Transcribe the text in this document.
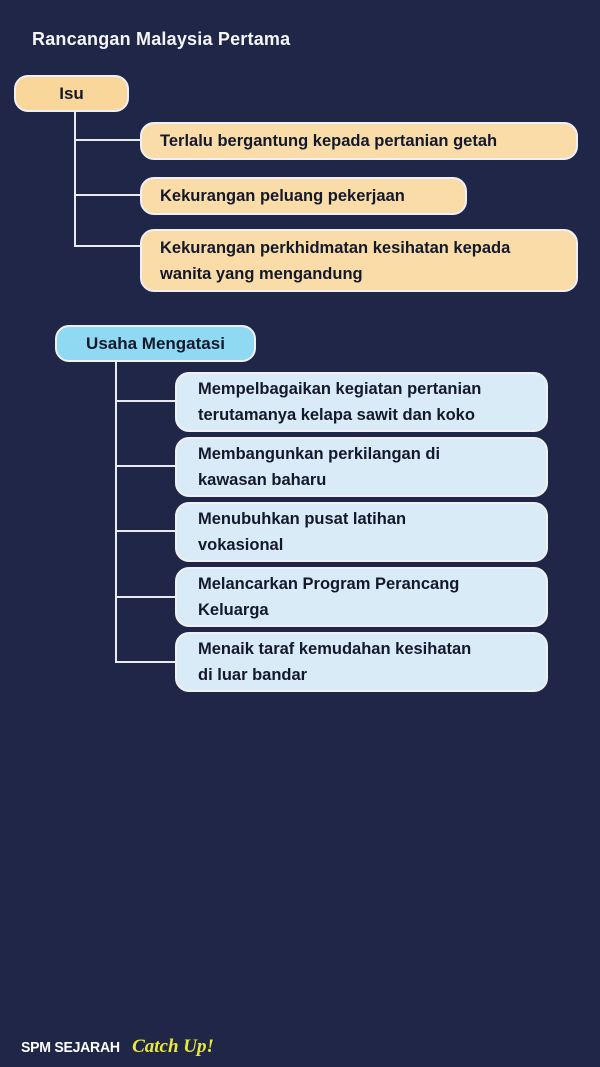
Rancangan Malaysia Pertama
Isu
Terlalu bergantung kepada pertanian getah
Kekurangan peluang pekerjaan
Kekurangan perkhidmatan kesihatan kepada
wanita yang mengandung
Usaha Mengatasi
Mempelbagaikan kegiatan pertanian
terutamanya kelapa sawit dan koko
Membangunkan perkilangan di
kawasan baharu
Menubuhkan pusat latihan
vokasional
Melancarkan Program Perancang
Keluarga
Menaik taraf kemudahan kesihatan
di luar bandar
SPM SEJARAH Catch Up!
